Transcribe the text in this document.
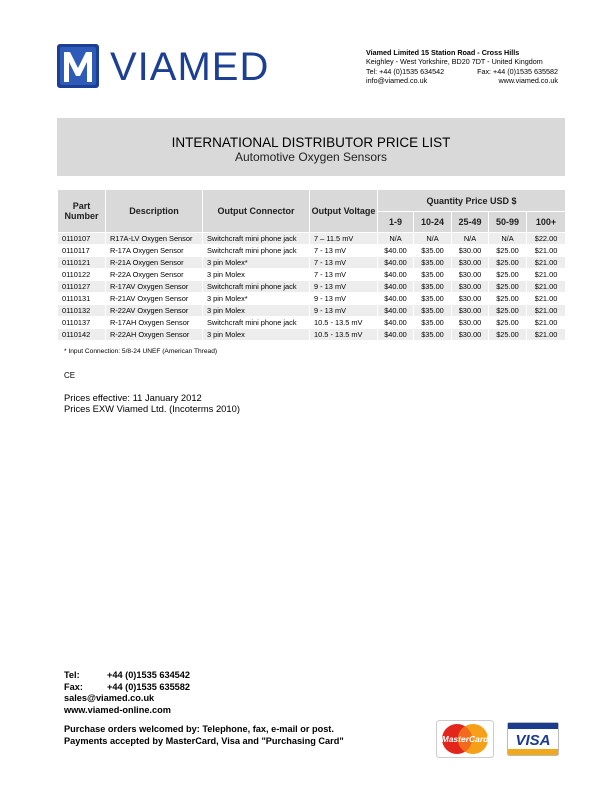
VIAMED	Viamed Limited 15 Station Road - Cross Hills
Keighley - West Yorkshire, BD20 7DT - United Kingdom
Tel: +44 (0)1535 634542	Fax: +44 (0)1535 635582
info@viamed.co.uk	www.viamed.co.uk
INTERNATIONAL DISTRIBUTOR PRICE LIST
Automotive Oxygen Sensors
Part Number	Description	Output Connector	Output Voltage	Quantity Price USD $				
				1-9	10-24	25-49	50-99	100+
0110107	R17A-LV Oxygen Sensor	Switchcraft mini phone jack	7 – 11.5 mV	N/A	N/A	N/A	N/A	$22.00
0110117	R-17A Oxygen Sensor	Switchcraft mini phone jack	7 - 13 mV	$40.00	$35.00	$30.00	$25.00	$21.00
0110121	R-21A Oxygen Sensor	3 pin Molex*	7 - 13 mV	$40.00	$35.00	$30.00	$25.00	$21.00
0110122	R-22A Oxygen Sensor	3 pin Molex	7 - 13 mV	$40.00	$35.00	$30.00	$25.00	$21.00
0110127	R-17AV Oxygen Sensor	Switchcraft mini phone jack	9 - 13 mV	$40.00	$35.00	$30.00	$25.00	$21.00
0110131	R-21AV Oxygen Sensor	3 pin Molex*	9 - 13 mV	$40.00	$35.00	$30.00	$25.00	$21.00
0110132	R-22AV Oxygen Sensor	3 pin Molex	9 - 13 mV	$40.00	$35.00	$30.00	$25.00	$21.00
0110137	R-17AH Oxygen Sensor	Switchcraft mini phone jack	10.5 - 13.5 mV	$40.00	$35.00	$30.00	$25.00	$21.00
0110142	R-22AH Oxygen Sensor	3 pin Molex	10.5 - 13.5 mV	$40.00	$35.00	$30.00	$25.00	$21.00
* Input Connection: 5/8-24 UNEF (American Thread)
CE
Prices effective: 11 January 2012
Prices EXW Viamed Ltd. (Incoterms 2010)
Tel:	+44 (0)1535 634542
Fax:	+44 (0)1535 635582
sales@viamed.co.uk
www.viamed-online.com
Purchase orders welcomed by: Telephone, fax, e-mail or post.
Payments accepted by MasterCard, Visa and "Purchasing Card"	MasterCard VISA
